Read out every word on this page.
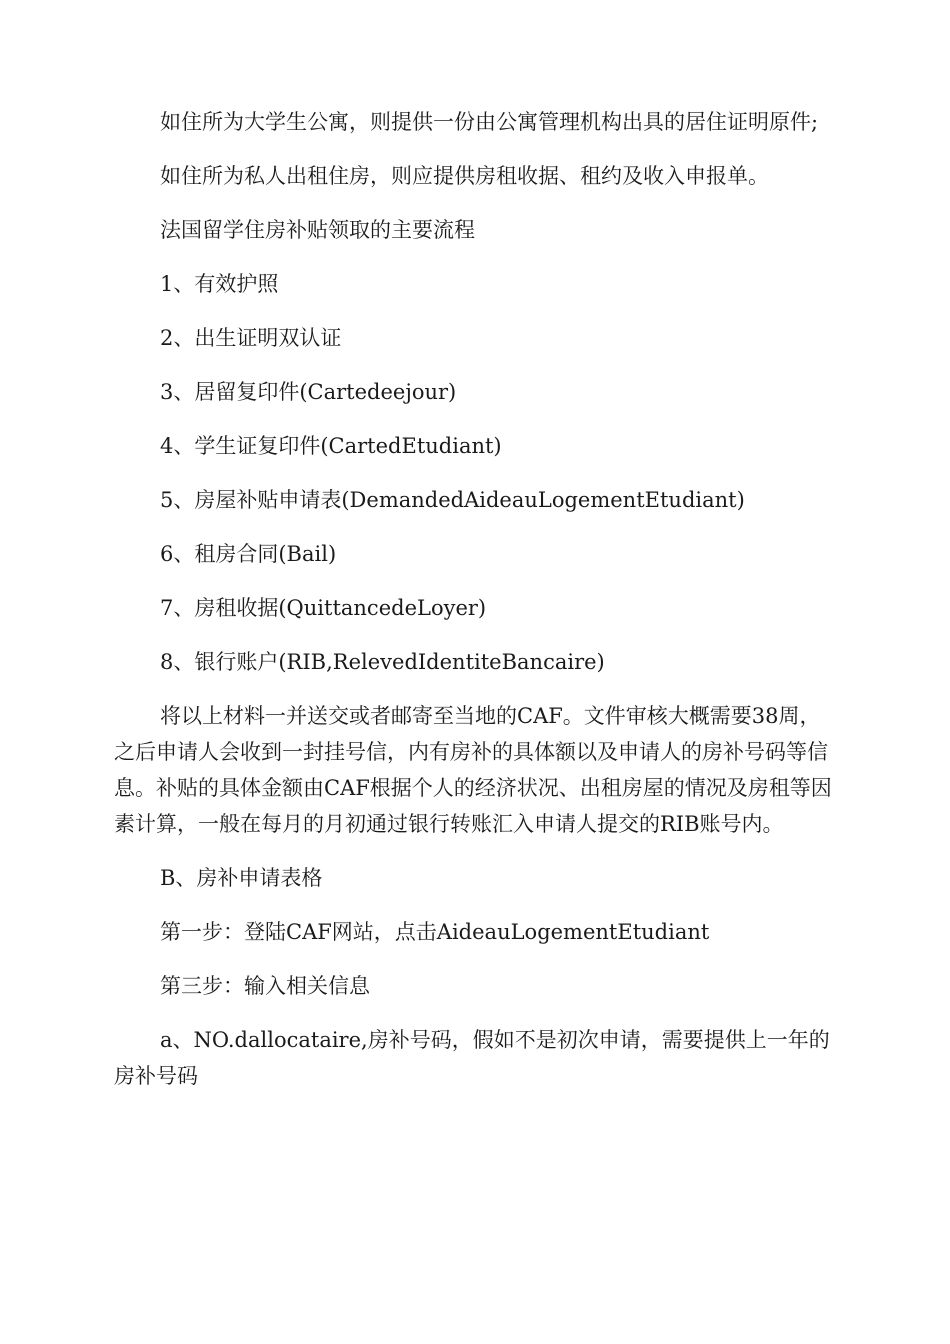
如住所为大学生公寓，则提供一份由公寓管理机构出具的居住证明原件;

如住所为私人出租住房，则应提供房租收据、租约及收入申报单。

法国留学住房补贴领取的主要流程

1、有效护照

2、出生证明双认证

3、居留复印件(Cartedeejour)

4、学生证复印件(CartedEtudiant)

5、房屋补贴申请表(DemandedAideauLogementEtudiant)

6、租房合同(Bail)

7、房租收据(QuittancedeLoyer)

8、银行账户(RIB,RelevedIdentiteBancaire)

将以上材料一并送交或者邮寄至当地的CAF。文件审核大概需要38周，之后申请人会收到一封挂号信，内有房补的具体额以及申请人的房补号码等信息。补贴的具体金额由CAF根据个人的经济状况、出租房屋的情况及房租等因素计算，一般在每月的月初通过银行转账汇入申请人提交的RIB账号内。

B、房补申请表格

第一步：登陆CAF网站，点击AideauLogementEtudiant

第三步：输入相关信息

a、NO.dallocataire,房补号码，假如不是初次申请，需要提供上一年的房补号码
